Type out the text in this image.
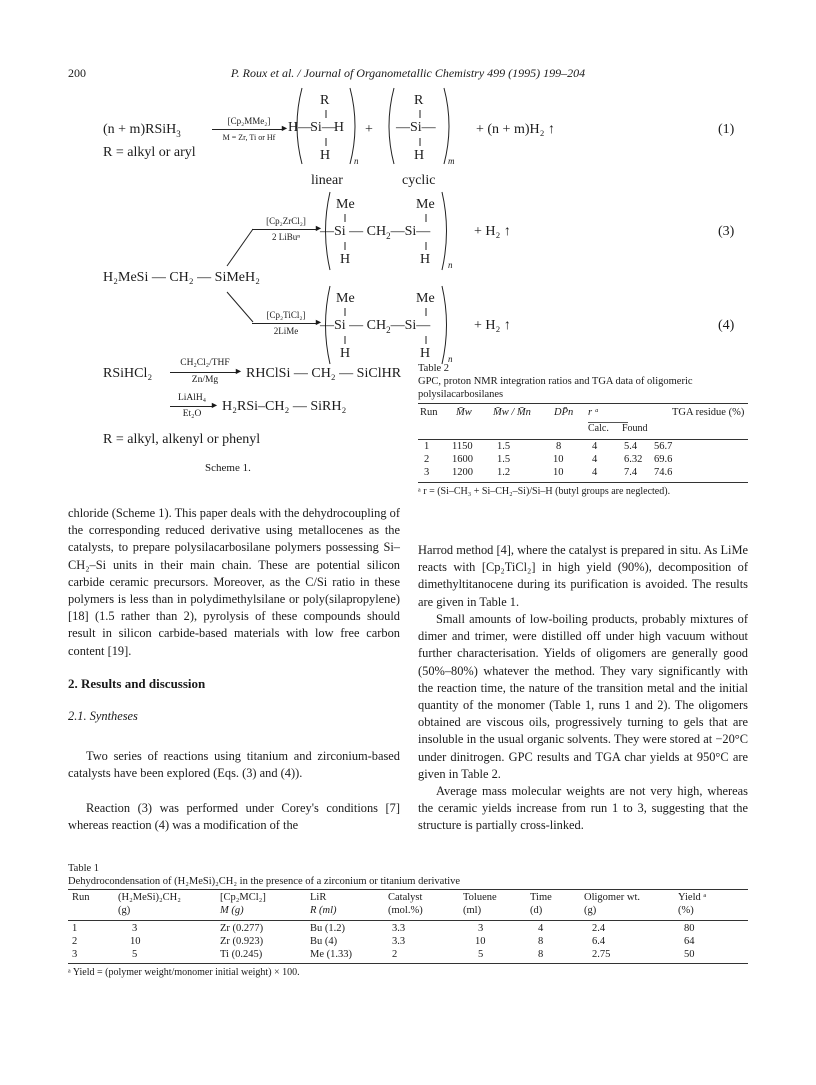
200	P. Roux et al. / Journal of Organometallic Chemistry 499 (1995) 199–204
(n + m)RSiH$_3$
[Cp₂MMe₂]
►
M = Zr, Ti or Hf
R
H—Si—H
H	n
+
R
—Si—
H	m
+ (n + m)H₂ ↑	(1)
R = alkyl or aryl
linear	cyclic
[Cp₂ZrCl₂]
►
2 LiBuⁿ
Me	Me
—Si — $CH_2—Si—$
H	H n
+ H₂ ↑	(3)
H₂MeSi — CH₂ — SiMeH₂
[Cp₂TiCl₂]
►
2LiMe
Me	Me
—Si — $CH_2—Si—$
H	H n
+ H₂ ↑	(4)
RSiHCl₂
CH₂Cl₂/THF
►
Zn/Mg	RHClSi — CH₂ — SiClHR
LiAlH₄
►
Et₂O	H₂RSi–CH₂ — SiRH₂
R = alkyl, alkenyl or phenyl
Scheme 1.
chloride (Scheme 1). This paper deals with the dehydrocoupling of the corresponding reduced derivative using metallocenes as the catalysts, to prepare polysilacarbosilane polymers possessing Si–CH₂–Si units in their main chain. These are potential silicon carbide ceramic precursors. Moreover, as the C/Si ratio in these polymers is less than in polydimethylsilane or poly(silapropylene) [18] (1.5 rather than 2), pyrolysis of these compounds should result in silicon carbide-based materials with low free carbon content [19].
2. Results and discussion
2.1. Syntheses
Two series of reactions using titanium and zirconium-based catalysts have been explored (Eqs. (3) and (4)).
Reaction (3) was performed under Corey's conditions [7] whereas reaction (4) was a modification of the
Table 2
GPC, proton NMR integration ratios and TGA data of oligomeric polysilacarbosilanes
Run M̄w M̄w / M̄n DP̄n r ᵃ	TGA residue (%)
Calc. Found
1 1150 1.5	8	4	5.4 56.7
2 1600 1.5	10	4	6.32 69.6
3 1200 1.2	10	4	7.4 74.6
ᵃ r = (Si–CH₃ + Si–CH₂–Si)/Si–H (butyl groups are neglected).
Harrod method [4], where the catalyst is prepared in situ. As LiMe reacts with [Cp₂TiCl₂] in high yield (90%), decomposition of dimethyltitanocene during its purification is avoided. The results are given in Table 1.
Small amounts of low-boiling products, probably mixtures of dimer and trimer, were distilled off under high vacuum without further characterisation. Yields of oligomers are generally good (50%–80%) whatever the method. They vary significantly with the reaction time, the nature of the transition metal and the initial quantity of the monomer (Table 1, runs 1 and 2). The oligomers obtained are viscous oils, progressively turning to gels that are insoluble in the usual organic solvents. They were stored at −20°C under dinitrogen. GPC results and TGA char yields at 950°C are given in Table 2.
Average mass molecular weights are not very high, whereas the ceramic yields increase from run 1 to 3, suggesting that the structure is partially cross-linked.
Table 1
Dehydrocondensation of (H₂MeSi)₂CH₂ in the presence of a zirconium or titanium derivative
Run	(H₂MeSi)₂CH₂	[Cp₂MCl₂]	LiR	Catalyst	Toluene	Time	Oligomer wt.	Yield ᵃ
(g)	M (g)	R (ml)	(mol.%)	(ml)	(d)	(g)	(%)
1	3	Zr (0.277)	Bu (1.2)	3.3	3	4	2.4	80
2	10	Zr (0.923)	Bu (4)	3.3	10	8	6.4	64
3	5	Ti (0.245)	Me (1.33)	2	5	8	2.75	50
ᵃ Yield = (polymer weight/monomer initial weight) × 100.
